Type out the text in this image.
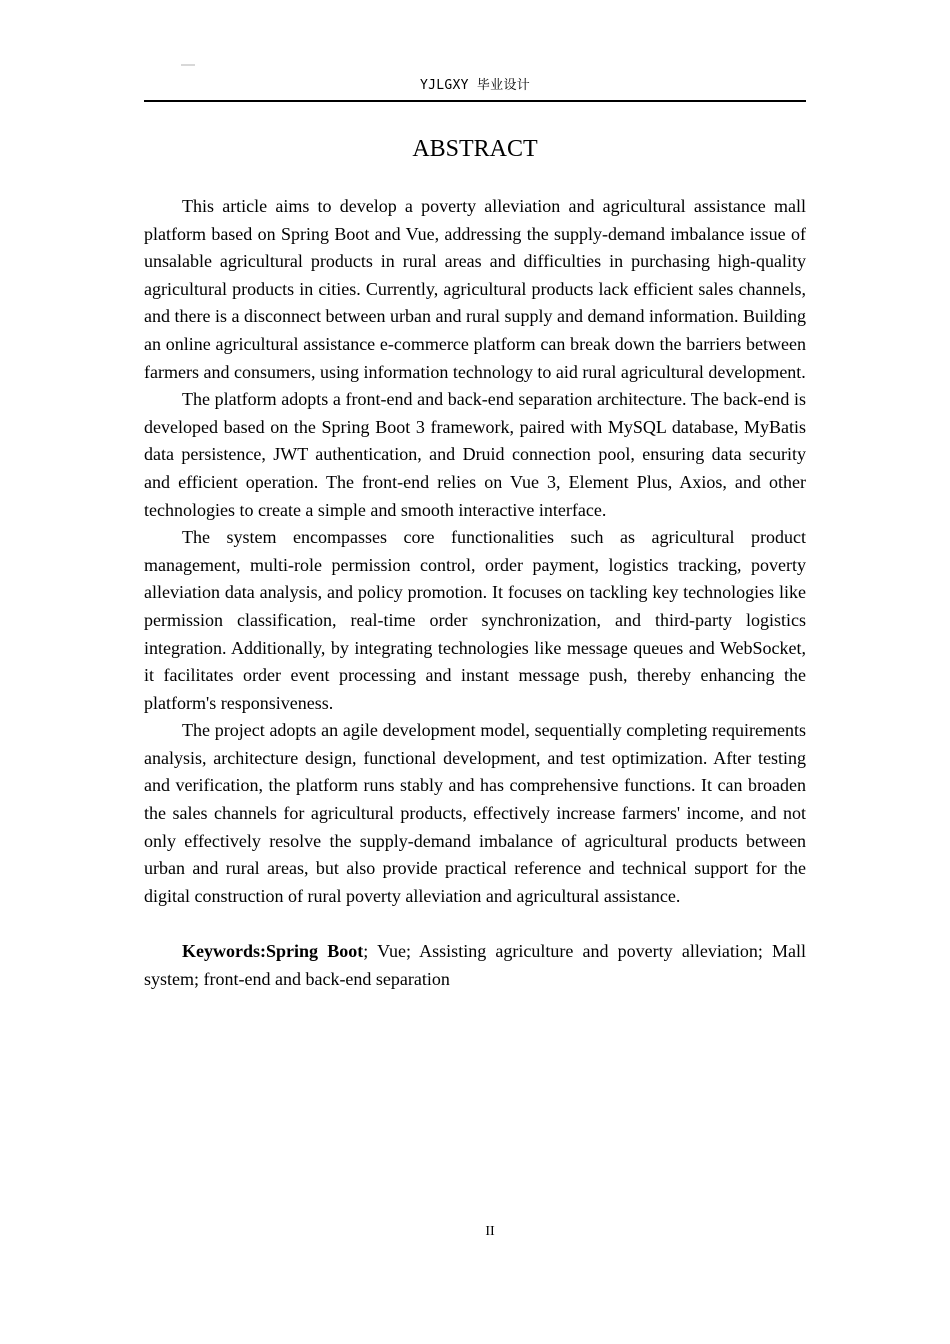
YJLGXY 毕业设计
ABSTRACT

This article aims to develop a poverty alleviation and agricultural assistance mall platform based on Spring Boot and Vue, addressing the supply-demand imbalance issue of unsalable agricultural products in rural areas and difficulties in purchasing high-quality agricultural products in cities. Currently, agricultural products lack efficient sales channels, and there is a disconnect between urban and rural supply and demand information. Building an online agricultural assistance e-commerce platform can break down the barriers between farmers and consumers, using information technology to aid rural agricultural development.

The platform adopts a front-end and back-end separation architecture. The back-end is developed based on the Spring Boot 3 framework, paired with MySQL database, MyBatis data persistence, JWT authentication, and Druid connection pool, ensuring data security and efficient operation. The front-end relies on Vue 3, Element Plus, Axios, and other technologies to create a simple and smooth interactive interface.

The system encompasses core functionalities such as agricultural product management, multi-role permission control, order payment, logistics tracking, poverty alleviation data analysis, and policy promotion. It focuses on tackling key technologies like permission classification, real-time order synchronization, and third-party logistics integration. Additionally, by integrating technologies like message queues and WebSocket, it facilitates order event processing and instant message push, thereby enhancing the platform's responsiveness.

The project adopts an agile development model, sequentially completing requirements analysis, architecture design, functional development, and test optimization. After testing and verification, the platform runs stably and has comprehensive functions. It can broaden the sales channels for agricultural products, effectively increase farmers' income, and not only effectively resolve the supply-demand imbalance of agricultural products between urban and rural areas, but also provide practical reference and technical support for the digital construction of rural poverty alleviation and agricultural assistance.

Keywords:Spring Boot; Vue; Assisting agriculture and poverty alleviation; Mall system; front-end and back-end separation

II
